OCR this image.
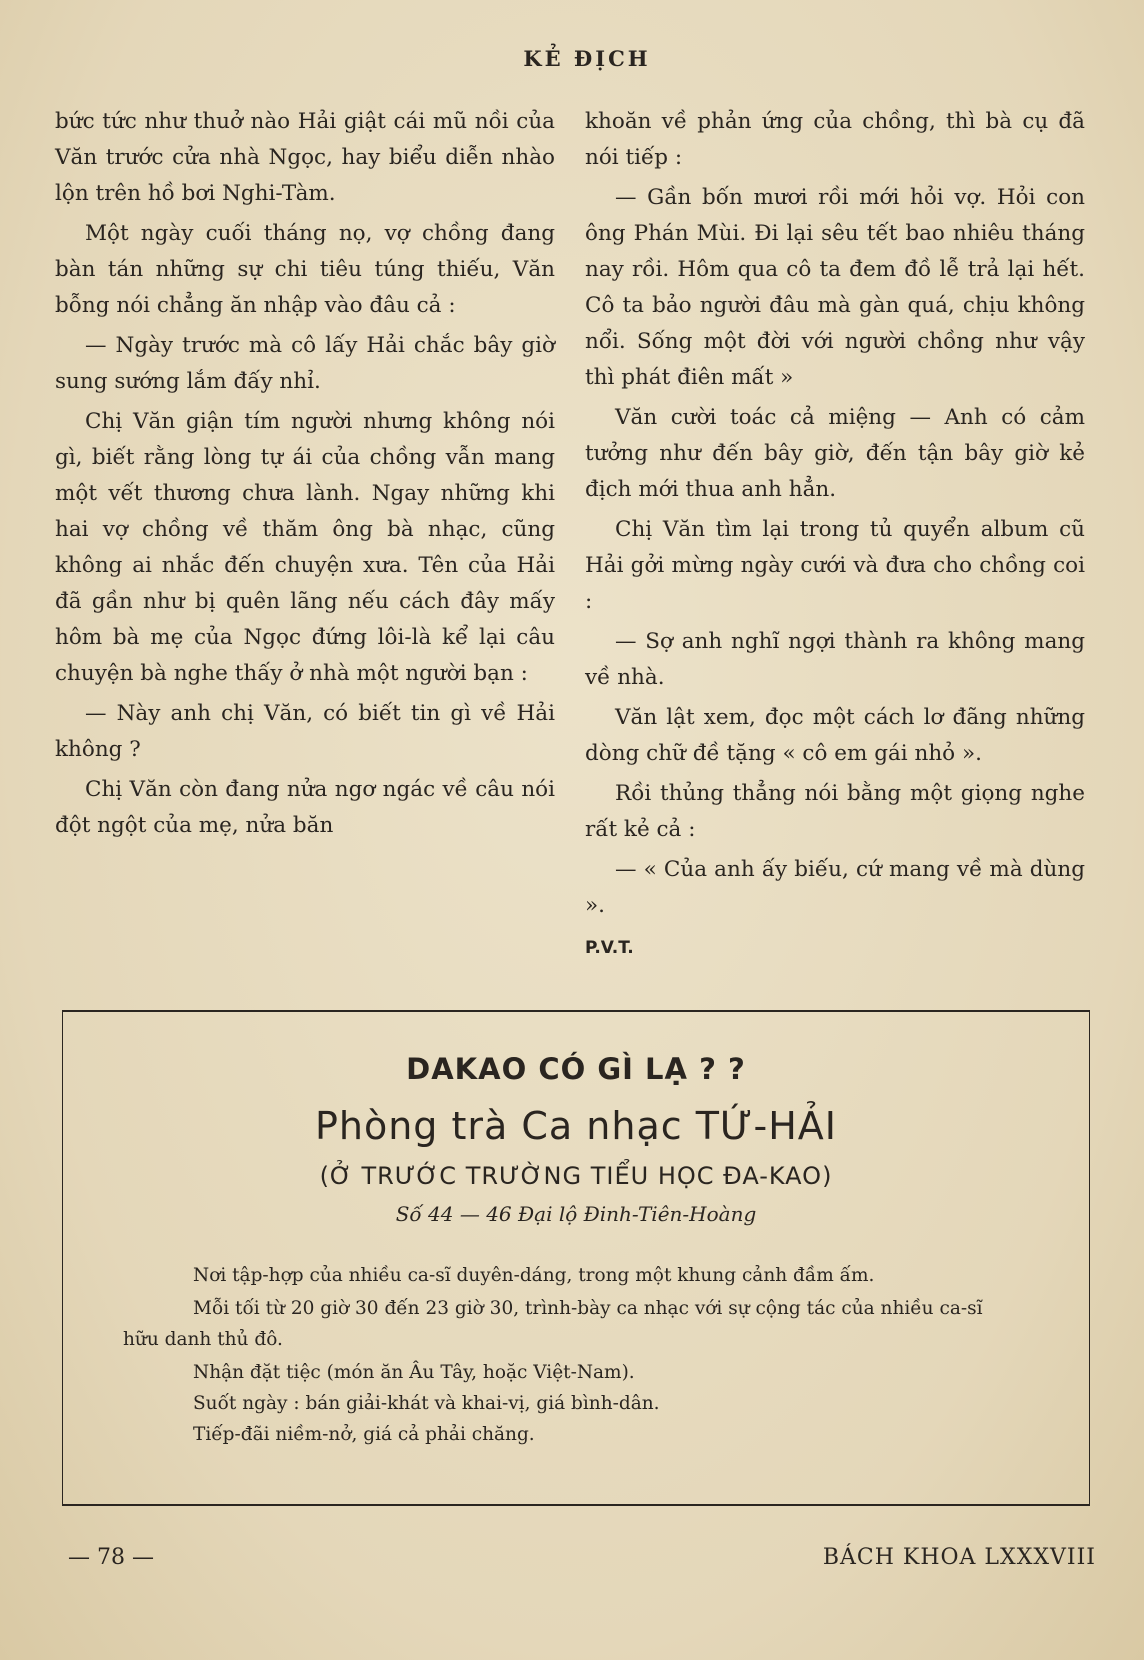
KẺ ĐỊCH

bức tức như thuở nào Hải giật cái mũ nồi của Văn trước cửa nhà Ngọc, hay biểu diễn nhào lộn trên hồ bơi Nghi-Tàm.

Một ngày cuối tháng nọ, vợ chồng đang bàn tán những sự chi tiêu túng thiếu, Văn bỗng nói chẳng ăn nhập vào đâu cả :

— Ngày trước mà cô lấy Hải chắc bây giờ sung sướng lắm đấy nhỉ.

Chị Văn giận tím người nhưng không nói gì, biết rằng lòng tự ái của chồng vẫn mang một vết thương chưa lành. Ngay những khi hai vợ chồng về thăm ông bà nhạc, cũng không ai nhắc đến chuyện xưa. Tên của Hải đã gần như bị quên lãng nếu cách đây mấy hôm bà mẹ của Ngọc đứng lôi-là kể lại câu chuyện bà nghe thấy ở nhà một người bạn :

— Này anh chị Văn, có biết tin gì về Hải không ?

Chị Văn còn đang nửa ngơ ngác về câu nói đột ngột của mẹ, nửa băn

khoăn về phản ứng của chồng, thì bà cụ đã nói tiếp :

— Gần bốn mươi rồi mới hỏi vợ. Hỏi con ông Phán Mùi. Đi lại sêu tết bao nhiêu tháng nay rồi. Hôm qua cô ta đem đồ lễ trả lại hết. Cô ta bảo người đâu mà gàn quá, chịu không nổi. Sống một đời với người chồng như vậy thì phát điên mất »

Văn cười toác cả miệng — Anh có cảm tưởng như đến bây giờ, đến tận bây giờ kẻ địch mới thua anh hẳn.

Chị Văn tìm lại trong tủ quyển album cũ Hải gởi mừng ngày cưới và đưa cho chồng coi :

— Sợ anh nghĩ ngợi thành ra không mang về nhà.

Văn lật xem, đọc một cách lơ đãng những dòng chữ đề tặng « cô em gái nhỏ ».

Rồi thủng thẳng nói bằng một giọng nghe rất kẻ cả :

— « Của anh ấy biếu, cứ mang về mà dùng ».

P.V.T.

DAKAO CÓ GÌ LẠ ? ?
Phòng trà Ca nhạc TỨ-HẢI
(Ở TRƯỚC TRƯỜNG TIỂU HỌC ĐA-KAO)
Số 44 — 46 Đại lộ Đinh-Tiên-Hoàng

Nơi tập-hợp của nhiều ca-sĩ duyên-dáng, trong một khung cảnh đầm ấm.

Mỗi tối từ 20 giờ 30 đến 23 giờ 30, trình-bày ca nhạc với sự cộng tác của nhiều ca-sĩ hữu danh thủ đô.

Nhận đặt tiệc (món ăn Âu Tây, hoặc Việt-Nam).

Suốt ngày : bán giải-khát và khai-vị, giá bình-dân.

Tiếp-đãi niềm-nở, giá cả phải chăng.

— 78 —	BÁCH KHOA LXXXVIII
